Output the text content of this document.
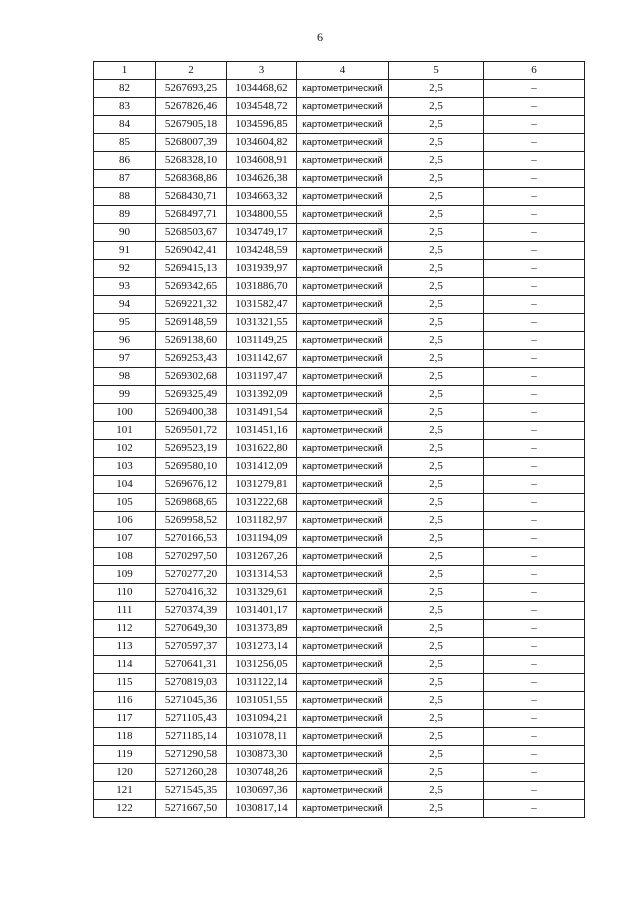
6
1	2	3	4	5	6
82	5267693,25	1034468,62	картометрический	2,5	–
83	5267826,46	1034548,72	картометрический	2,5	–
84	5267905,18	1034596,85	картометрический	2,5	–
85	5268007,39	1034604,82	картометрический	2,5	–
86	5268328,10	1034608,91	картометрический	2,5	–
87	5268368,86	1034626,38	картометрический	2,5	–
88	5268430,71	1034663,32	картометрический	2,5	–
89	5268497,71	1034800,55	картометрический	2,5	–
90	5268503,67	1034749,17	картометрический	2,5	–
91	5269042,41	1034248,59	картометрический	2,5	–
92	5269415,13	1031939,97	картометрический	2,5	–
93	5269342,65	1031886,70	картометрический	2,5	–
94	5269221,32	1031582,47	картометрический	2,5	–
95	5269148,59	1031321,55	картометрический	2,5	–
96	5269138,60	1031149,25	картометрический	2,5	–
97	5269253,43	1031142,67	картометрический	2,5	–
98	5269302,68	1031197,47	картометрический	2,5	–
99	5269325,49	1031392,09	картометрический	2,5	–
100	5269400,38	1031491,54	картометрический	2,5	–
101	5269501,72	1031451,16	картометрический	2,5	–
102	5269523,19	1031622,80	картометрический	2,5	–
103	5269580,10	1031412,09	картометрический	2,5	–
104	5269676,12	1031279,81	картометрический	2,5	–
105	5269868,65	1031222,68	картометрический	2,5	–
106	5269958,52	1031182,97	картометрический	2,5	–
107	5270166,53	1031194,09	картометрический	2,5	–
108	5270297,50	1031267,26	картометрический	2,5	–
109	5270277,20	1031314,53	картометрический	2,5	–
110	5270416,32	1031329,61	картометрический	2,5	–
111	5270374,39	1031401,17	картометрический	2,5	–
112	5270649,30	1031373,89	картометрический	2,5	–
113	5270597,37	1031273,14	картометрический	2,5	–
114	5270641,31	1031256,05	картометрический	2,5	–
115	5270819,03	1031122,14	картометрический	2,5	–
116	5271045,36	1031051,55	картометрический	2,5	–
117	5271105,43	1031094,21	картометрический	2,5	–
118	5271185,14	1031078,11	картометрический	2,5	–
119	5271290,58	1030873,30	картометрический	2,5	–
120	5271260,28	1030748,26	картометрический	2,5	–
121	5271545,35	1030697,36	картометрический	2,5	–
122	5271667,50	1030817,14	картометрический	2,5	–
